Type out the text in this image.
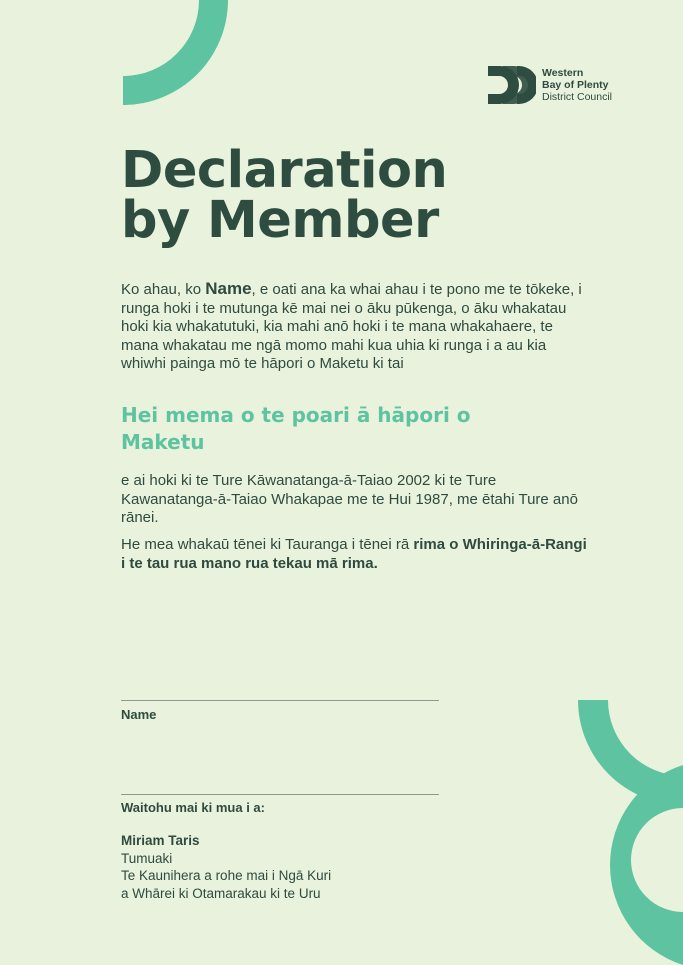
Western
Bay of Plenty
District Council
Declaration
by Member
Ko ahau, ko Name, e oati ana ka whai ahau i te pono me te tōkeke, i runga hoki i te mutunga kē mai nei o āku pūkenga, o āku whakatau hoki kia whakatutuki, kia mahi anō hoki i te mana whakahaere, te mana whakatau me ngā momo mahi kua uhia ki runga i a au kia whiwhi painga mō te hāpori o Maketu ki tai
Hei mema o te poari ā hāpori o Maketu
e ai hoki ki te Ture Kāwanatanga-ā-Taiao 2002 ki te Ture Kawanatanga-ā-Taiao Whakapae me te Hui 1987, me ētahi Ture anō rānei.
He mea whakaū tēnei ki Tauranga i tēnei rā rima o Whiringa-ā-Rangi i te tau rua mano rua tekau mā rima.
Name
Waitohu mai ki mua i a:
Miriam Taris
Tumuaki
Te Kaunihera a rohe mai i Ngā Kuri
a Whārei ki Otamarakau ki te Uru
